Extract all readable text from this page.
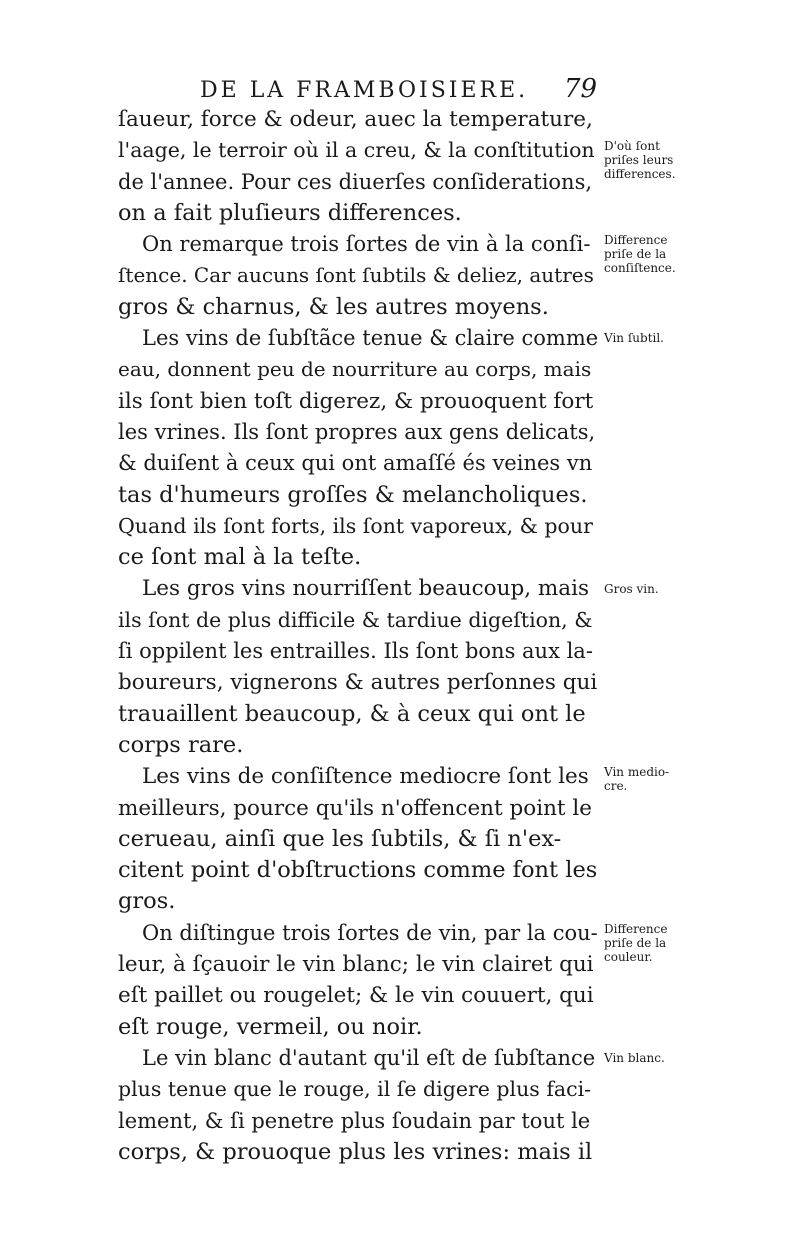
DE LA FRAMBOISIERE. 79
ſaueur, force & odeur, auec la temperature,
l'aage, le terroir où il a creu, & la conſtitution
de l'annee. Pour ces diuerſes conſiderations,
on a fait pluſieurs differences.
On remarque trois ſortes de vin à la conſi-
ſtence. Car aucuns ſont ſubtils & deliez, autres
gros & charnus, & les autres moyens.
Les vins de ſubſtãce tenue & claire comme
eau, donnent peu de nourriture au corps, mais
ils ſont bien toſt digerez, & prouoquent fort
les vrines. Ils ſont propres aux gens delicats,
& duiſent à ceux qui ont amaſſé és veines vn
tas d'humeurs groſſes & melancholiques.
Quand ils ſont forts, ils ſont vaporeux, & pour
ce ſont mal à la teſte.
Les gros vins nourriſſent beaucoup, mais
ils ſont de plus difficile & tardiue digeſtion, &
ſi oppilent les entrailles. Ils ſont bons aux la-
boureurs, vignerons & autres perſonnes qui
trauaillent beaucoup, & à ceux qui ont le
corps rare.
Les vins de conſiſtence mediocre ſont les
meilleurs, pource qu'ils n'offencent point le
cerueau, ainſi que les ſubtils, & ſi n'ex-
citent point d'obſtructions comme font les
gros.
On diſtingue trois ſortes de vin, par la cou-
leur, à ſçauoir le vin blanc; le vin clairet qui
eſt paillet ou rougelet; & le vin couuert, qui
eſt rouge, vermeil, ou noir.
Le vin blanc d'autant qu'il eſt de ſubſtance
plus tenue que le rouge, il ſe digere plus faci-
lement, & ſi penetre plus ſoudain par tout le
corps, & prouoque plus les vrines: mais il
D'où ſont
priſes leurs
differences.
Difference
priſe de la
conſiſtence.
Vin ſubtil.
Gros vin.
Vin medio-
cre.
Difference
priſe de la
couleur.
Vin blanc.
